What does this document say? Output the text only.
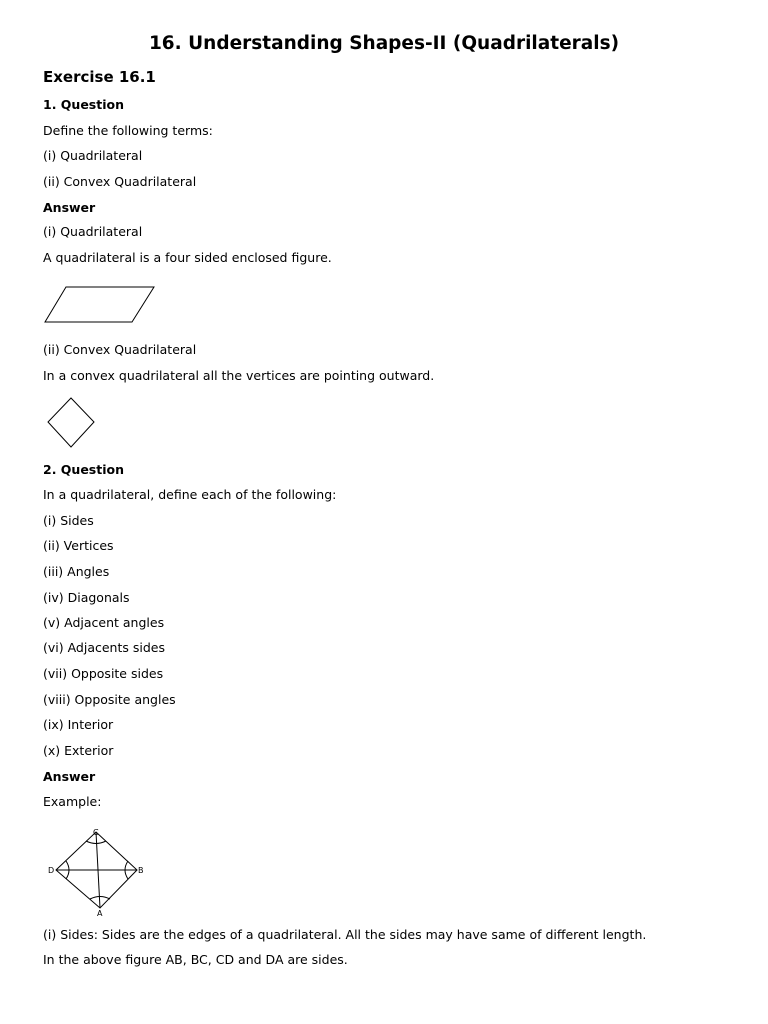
16. Understanding Shapes-II (Quadrilaterals)
Exercise 16.1
1. Question
Define the following terms:
(i) Quadrilateral
(ii) Convex Quadrilateral
Answer
(i) Quadrilateral
A quadrilateral is a four sided enclosed figure.
(ii) Convex Quadrilateral
In a convex quadrilateral all the vertices are pointing outward.
2. Question
In a quadrilateral, define each of the following:
(i) Sides
(ii) Vertices
(iii) Angles
(iv) Diagonals
(v) Adjacent angles
(vi) Adjacents sides
(vii) Opposite sides
(viii) Opposite angles
(ix) Interior
(x) Exterior
Answer
Example:
C
D	B
A
(i) Sides: Sides are the edges of a quadrilateral. All the sides may have same of different length.
In the above figure AB, BC, CD and DA are sides.
